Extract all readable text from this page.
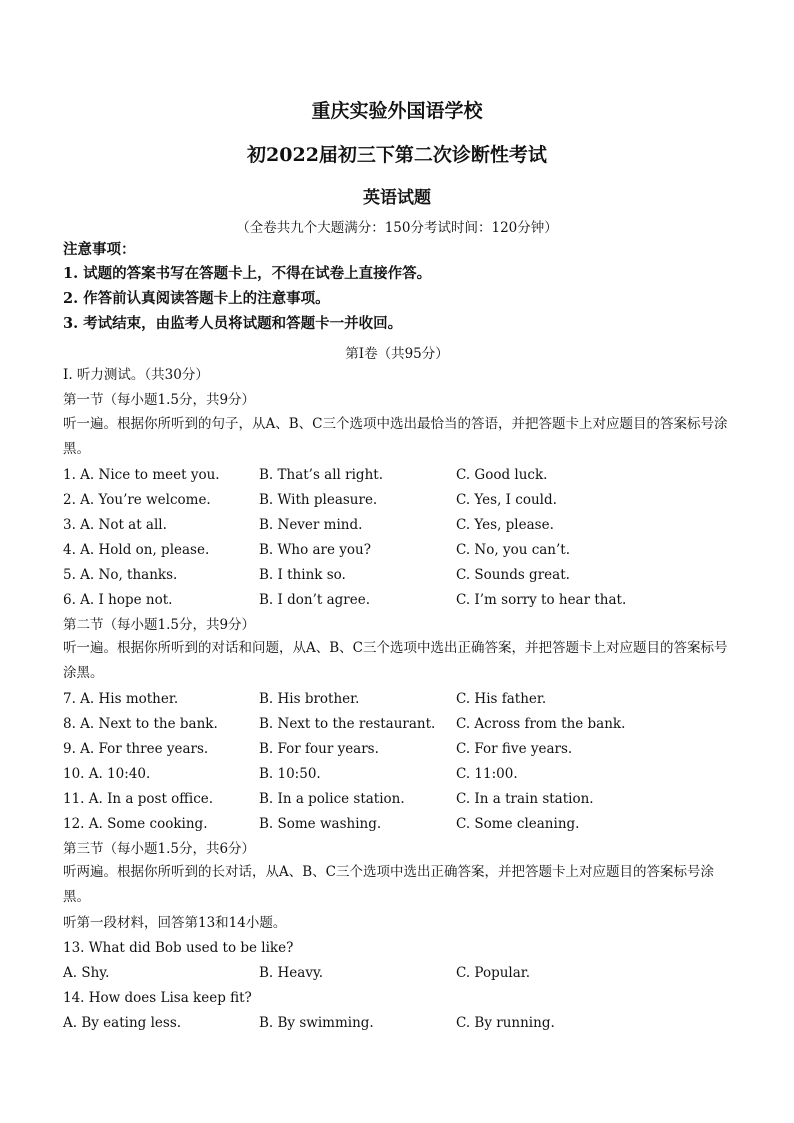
重庆实验外国语学校
初2022届初三下第二次诊断性考试
英语试题
（全卷共九个大题满分：150分考试时间：120分钟）
注意事项：
1. 试题的答案书写在答题卡上，不得在试卷上直接作答。
2. 作答前认真阅读答题卡上的注意事项。
3. 考试结束，由监考人员将试题和答题卡一并收回。
第I卷（共95分）
I. 听力测试。（共30分）
第一节（每小题1.5分，共9分）
听一遍。根据你所听到的句子，从A、B、C三个选项中选出最恰当的答语，并把答题卡上对应题目的答案标号涂黑。
1. A. Nice to meet you.	B. That’s all right.	C. Good luck.
2. A. You’re welcome.	B. With pleasure.	C. Yes, I could.
3. A. Not at all.	B. Never mind.	C. Yes, please.
4. A. Hold on, please.	B. Who are you?	C. No, you can’t.
5. A. No, thanks.	B. I think so.	C. Sounds great.
6. A. I hope not.	B. I don’t agree.	C. I’m sorry to hear that.
第二节（每小题1.5分，共9分）
听一遍。根据你所听到的对话和问题，从A、B、C三个选项中选出正确答案，并把答题卡上对应题目的答案标号涂黑。
7. A. His mother.	B. His brother.	C. His father.
8. A. Next to the bank.	B. Next to the restaurant. C. Across from the bank.
9. A. For three years.	B. For four years.	C. For five years.
10. A. 10:40.	B. 10:50.	C. 11:00.
11. A. In a post office.	B. In a police station.	C. In a train station.
12. A. Some cooking.	B. Some washing.	C. Some cleaning.
第三节（每小题1.5分，共6分）
听两遍。根据你所听到的长对话，从A、B、C三个选项中选出正确答案，并把答题卡上对应题目的答案标号涂黑。
听第一段材料，回答第13和14小题。
13. What did Bob used to be like?
A. Shy.	B. Heavy.	C. Popular.
14. How does Lisa keep fit?
A. By eating less.	B. By swimming.	C. By running.
